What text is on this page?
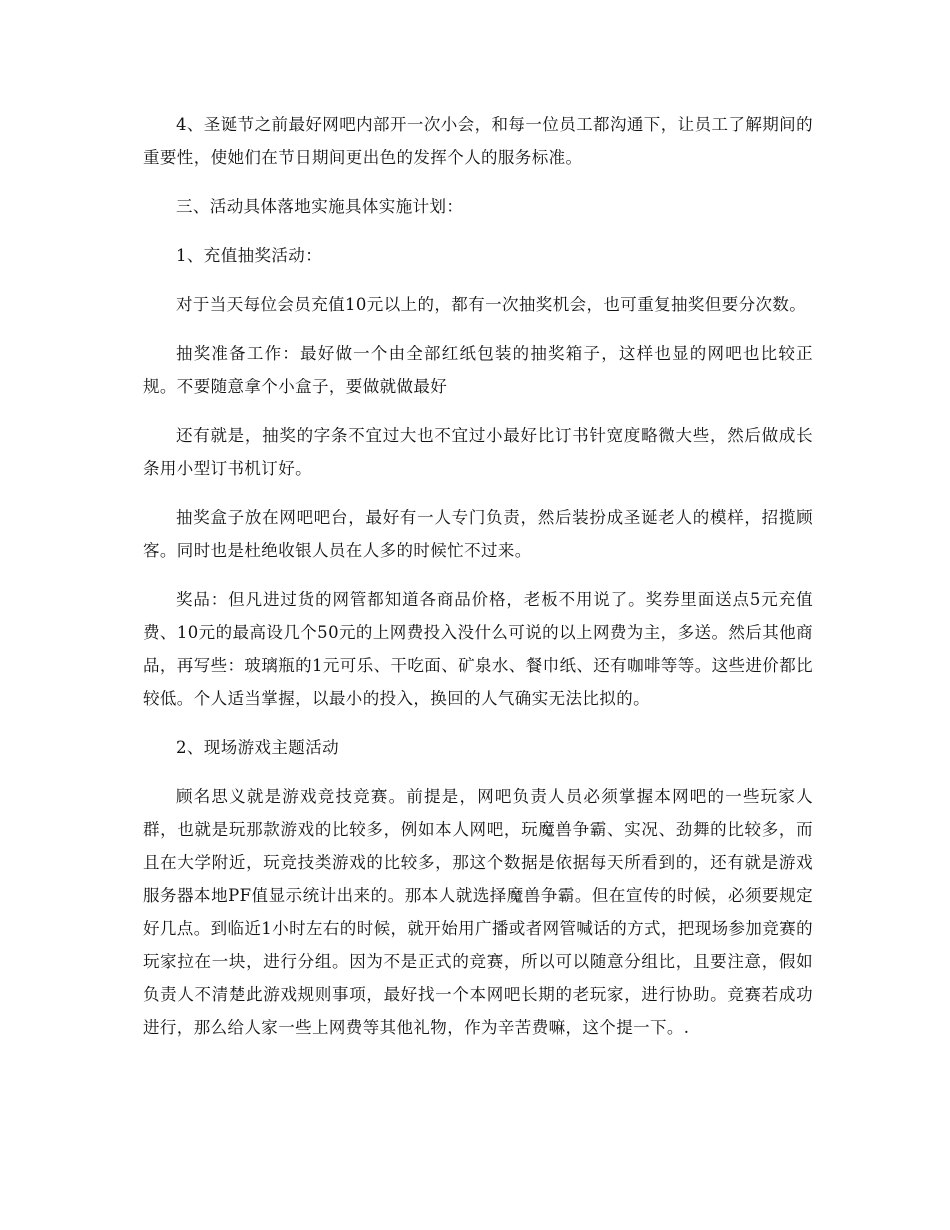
4、圣诞节之前最好网吧内部开一次小会，和每一位员工都沟通下，让员工了解期间的重要性，使她们在节日期间更出色的发挥个人的服务标准。

三、活动具体落地实施具体实施计划：

1、充值抽奖活动：

对于当天每位会员充值10元以上的，都有一次抽奖机会，也可重复抽奖但要分次数。

抽奖准备工作：最好做一个由全部红纸包装的抽奖箱子，这样也显的网吧也比较正规。不要随意拿个小盒子，要做就做最好

还有就是，抽奖的字条不宜过大也不宜过小最好比订书针宽度略微大些，然后做成长条用小型订书机订好。

抽奖盒子放在网吧吧台，最好有一人专门负责，然后装扮成圣诞老人的模样，招揽顾客。同时也是杜绝收银人员在人多的时候忙不过来。

奖品：但凡进过货的网管都知道各商品价格，老板不用说了。奖券里面送点5元充值费、10元的最高设几个50元的上网费投入没什么可说的以上网费为主，多送。然后其他商品，再写些：玻璃瓶的1元可乐、干吃面、矿泉水、餐巾纸、还有咖啡等等。这些进价都比较低。个人适当掌握，以最小的投入，换回的人气确实无法比拟的。

2、现场游戏主题活动

顾名思义就是游戏竞技竞赛。前提是，网吧负责人员必须掌握本网吧的一些玩家人群，也就是玩那款游戏的比较多，例如本人网吧，玩魔兽争霸、实况、劲舞的比较多，而且在大学附近，玩竞技类游戏的比较多，那这个数据是依据每天所看到的，还有就是游戏服务器本地PF值显示统计出来的。那本人就选择魔兽争霸。但在宣传的时候，必须要规定好几点。到临近1小时左右的时候，就开始用广播或者网管喊话的方式，把现场参加竞赛的玩家拉在一块，进行分组。因为不是正式的竞赛，所以可以随意分组比，且要注意，假如负责人不清楚此游戏规则事项，最好找一个本网吧长期的老玩家，进行协助。竞赛若成功进行，那么给人家一些上网费等其他礼物，作为辛苦费嘛，这个提一下。.
